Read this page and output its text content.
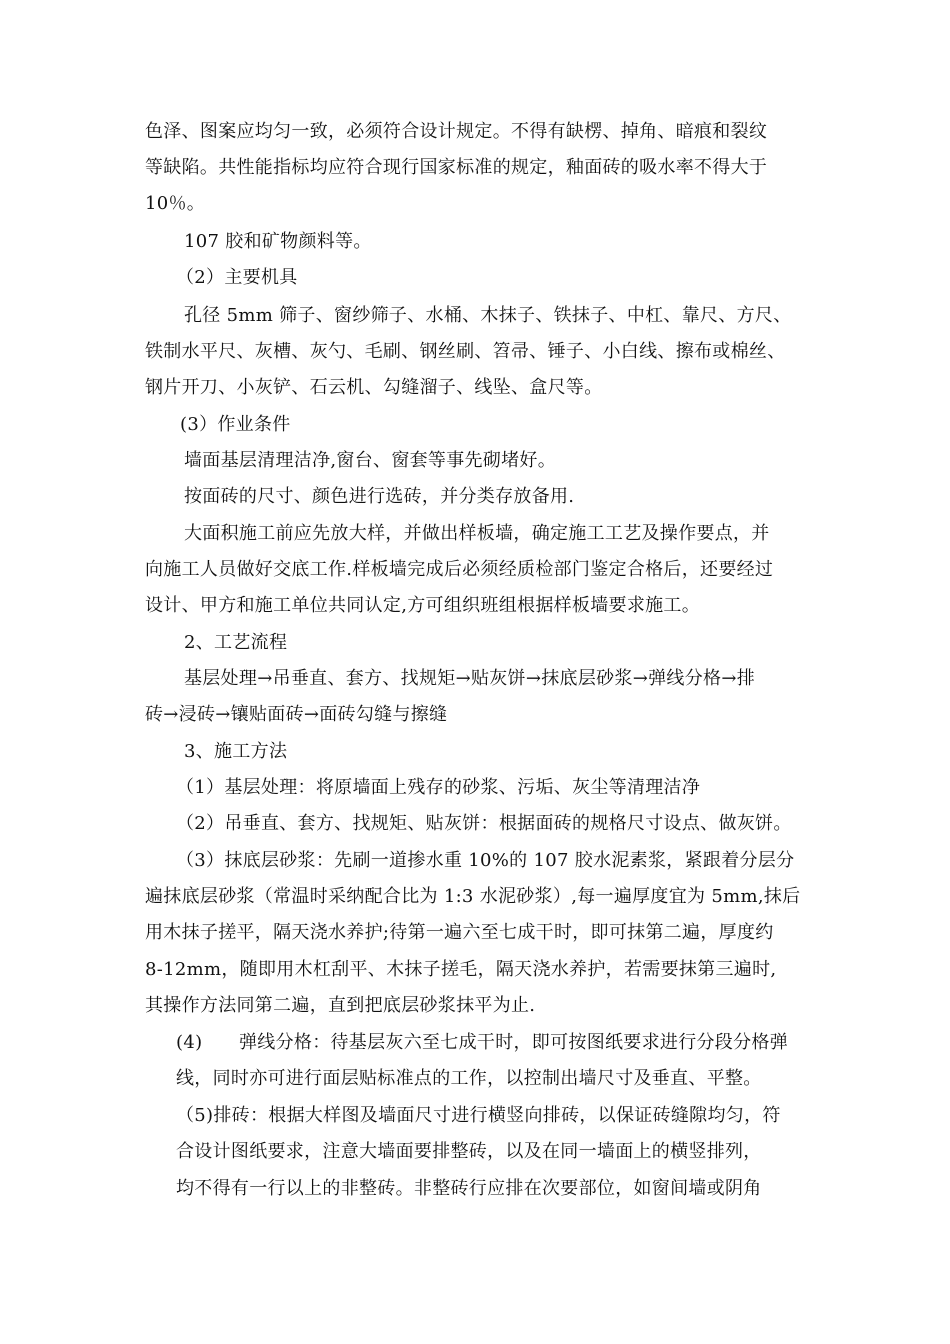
色泽、图案应均匀一致，必须符合设计规定。不得有缺楞、掉角、暗痕和裂纹
等缺陷。共性能指标均应符合现行国家标准的规定，釉面砖的吸水率不得大于
10％。
107 胶和矿物颜料等。
（2）主要机具
孔径 5mm 筛子、窗纱筛子、水桶、木抹子、铁抹子、中杠、靠尺、方尺、
铁制水平尺、灰槽、灰勺、毛刷、钢丝刷、笤帚、锤子、小白线、擦布或棉丝、
钢片开刀、小灰铲、石云机、勾缝溜子、线坠、盒尺等。
(3）作业条件
墙面基层清理洁净,窗台、窗套等事先砌堵好。
按面砖的尺寸、颜色进行选砖，并分类存放备用.
大面积施工前应先放大样，并做出样板墙，确定施工工艺及操作要点，并
向施工人员做好交底工作.样板墙完成后必须经质检部门鉴定合格后，还要经过
设计、甲方和施工单位共同认定,方可组织班组根据样板墙要求施工。
2、工艺流程
基层处理→吊垂直、套方、找规矩→贴灰饼→抹底层砂浆→弹线分格→排
砖→浸砖→镶贴面砖→面砖勾缝与擦缝
3、施工方法
（1）基层处理：将原墙面上残存的砂浆、污垢、灰尘等清理洁净
（2）吊垂直、套方、找规矩、贴灰饼：根据面砖的规格尺寸设点、做灰饼。
（3）抹底层砂浆：先刷一道掺水重 10%的 107 胶水泥素浆，紧跟着分层分
遍抹底层砂浆（常温时采纳配合比为 1:3 水泥砂浆）,每一遍厚度宜为 5mm,抹后
用木抹子搓平，隔天浇水养护;待第一遍六至七成干时，即可抹第二遍，厚度约
8-12mm，随即用木杠刮平、木抹子搓毛，隔天浇水养护，若需要抹第三遍时,
其操作方法同第二遍，直到把底层砂浆抹平为止.
(4)　　弹线分格：待基层灰六至七成干时，即可按图纸要求进行分段分格弹
线，同时亦可进行面层贴标准点的工作，以控制出墙尺寸及垂直、平整。
（5)排砖：根据大样图及墙面尺寸进行横竖向排砖，以保证砖缝隙均匀，符
合设计图纸要求，注意大墙面要排整砖，以及在同一墙面上的横竖排列，
均不得有一行以上的非整砖。非整砖行应排在次要部位，如窗间墙或阴角
